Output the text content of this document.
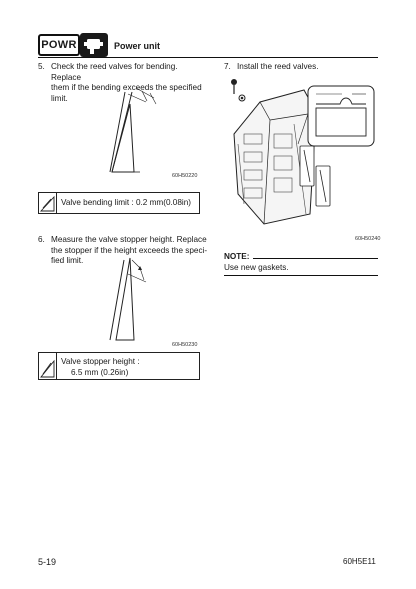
POWR	Power unit
5. Check the reed valves for bending. Replace
them if the bending exceeds the specified
limit.
60H50220
Valve bending limit : 0.2 mm(0.08in)
6. Measure the valve stopper height. Replace
the stopper if the height exceeds the speci-
fied limit.
60H50230
Valve stopper height :
6.5 mm (0.26in)
7. Install the reed valves.
60H50240
NOTE:
Use new gaskets.
5-19	60H5E11
